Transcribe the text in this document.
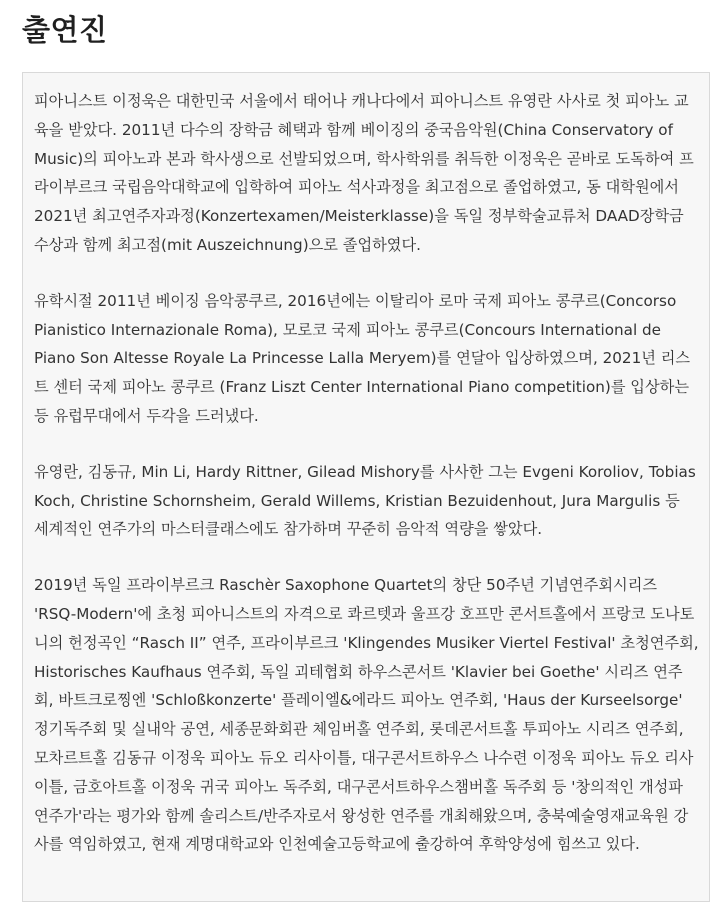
출연진

피아니스트 이정욱은 대한민국 서울에서 태어나 캐나다에서 피아니스트 유영란 사사로 첫 피아노 교육을 받았다. 2011년 다수의 장학금 혜택과 함께 베이징의 중국음악원(China Conservatory of Music)의 피아노과 본과 학사생으로 선발되었으며, 학사학위를 취득한 이정욱은 곧바로 도독하여 프라이부르크 국립음악대학교에 입학하여 피아노 석사과정을 최고점으로 졸업하였고, 동 대학원에서 2021년 최고연주자과정(Konzertexamen/Meisterklasse)을 독일 정부학술교류처 DAAD장학금 수상과 함께 최고점(mit Auszeichnung)으로 졸업하였다.

유학시절 2011년 베이징 음악콩쿠르, 2016년에는 이탈리아 로마 국제 피아노 콩쿠르(Concorso Pianistico Internazionale Roma), 모로코 국제 피아노 콩쿠르(Concours International de Piano Son Altesse Royale La Princesse Lalla Meryem)를 연달아 입상하였으며, 2021년 리스트 센터 국제 피아노 콩쿠르 (Franz Liszt Center International Piano competition)를 입상하는 등 유럽무대에서 두각을 드러냈다.

유영란, 김동규, Min Li, Hardy Rittner, Gilead Mishory를 사사한 그는 Evgeni Koroliov, Tobias Koch, Christine Schornsheim, Gerald Willems, Kristian Bezuidenhout, Jura Margulis 등 세계적인 연주가의 마스터클래스에도 참가하며 꾸준히 음악적 역량을 쌓았다.

2019년 독일 프라이부르크 Raschèr Saxophone Quartet의 창단 50주년 기념연주회시리즈 'RSQ-Modern'에 초청 피아니스트의 자격으로 콰르텟과 울프강 호프만 콘서트홀에서 프랑코 도나토니의 헌정곡인 “Rasch II” 연주, 프라이부르크 'Klingendes Musiker Viertel Festival' 초청연주회, Historisches Kaufhaus 연주회, 독일 괴테협회 하우스콘서트 'Klavier bei Goethe' 시리즈 연주회, 바트크로찡엔 'Schloßkonzerte' 플레이엘&에라드 피아노 연주회, 'Haus der Kurseelsorge' 정기독주회 및 실내악 공연, 세종문화회관 체임버홀 연주회, 롯데콘서트홀 투피아노 시리즈 연주회, 모차르트홀 김동규 이정욱 피아노 듀오 리사이틀, 대구콘서트하우스 나수련 이정욱 피아노 듀오 리사이틀, 금호아트홀 이정욱 귀국 피아노 독주회, 대구콘서트하우스챔버홀 독주회 등 '창의적인 개성파 연주가'라는 평가와 함께 솔리스트/반주자로서 왕성한 연주를 개최해왔으며, 충북예술영재교육원 강사를 역임하였고, 현재 계명대학교와 인천예술고등학교에 출강하여 후학양성에 힘쓰고 있다.
